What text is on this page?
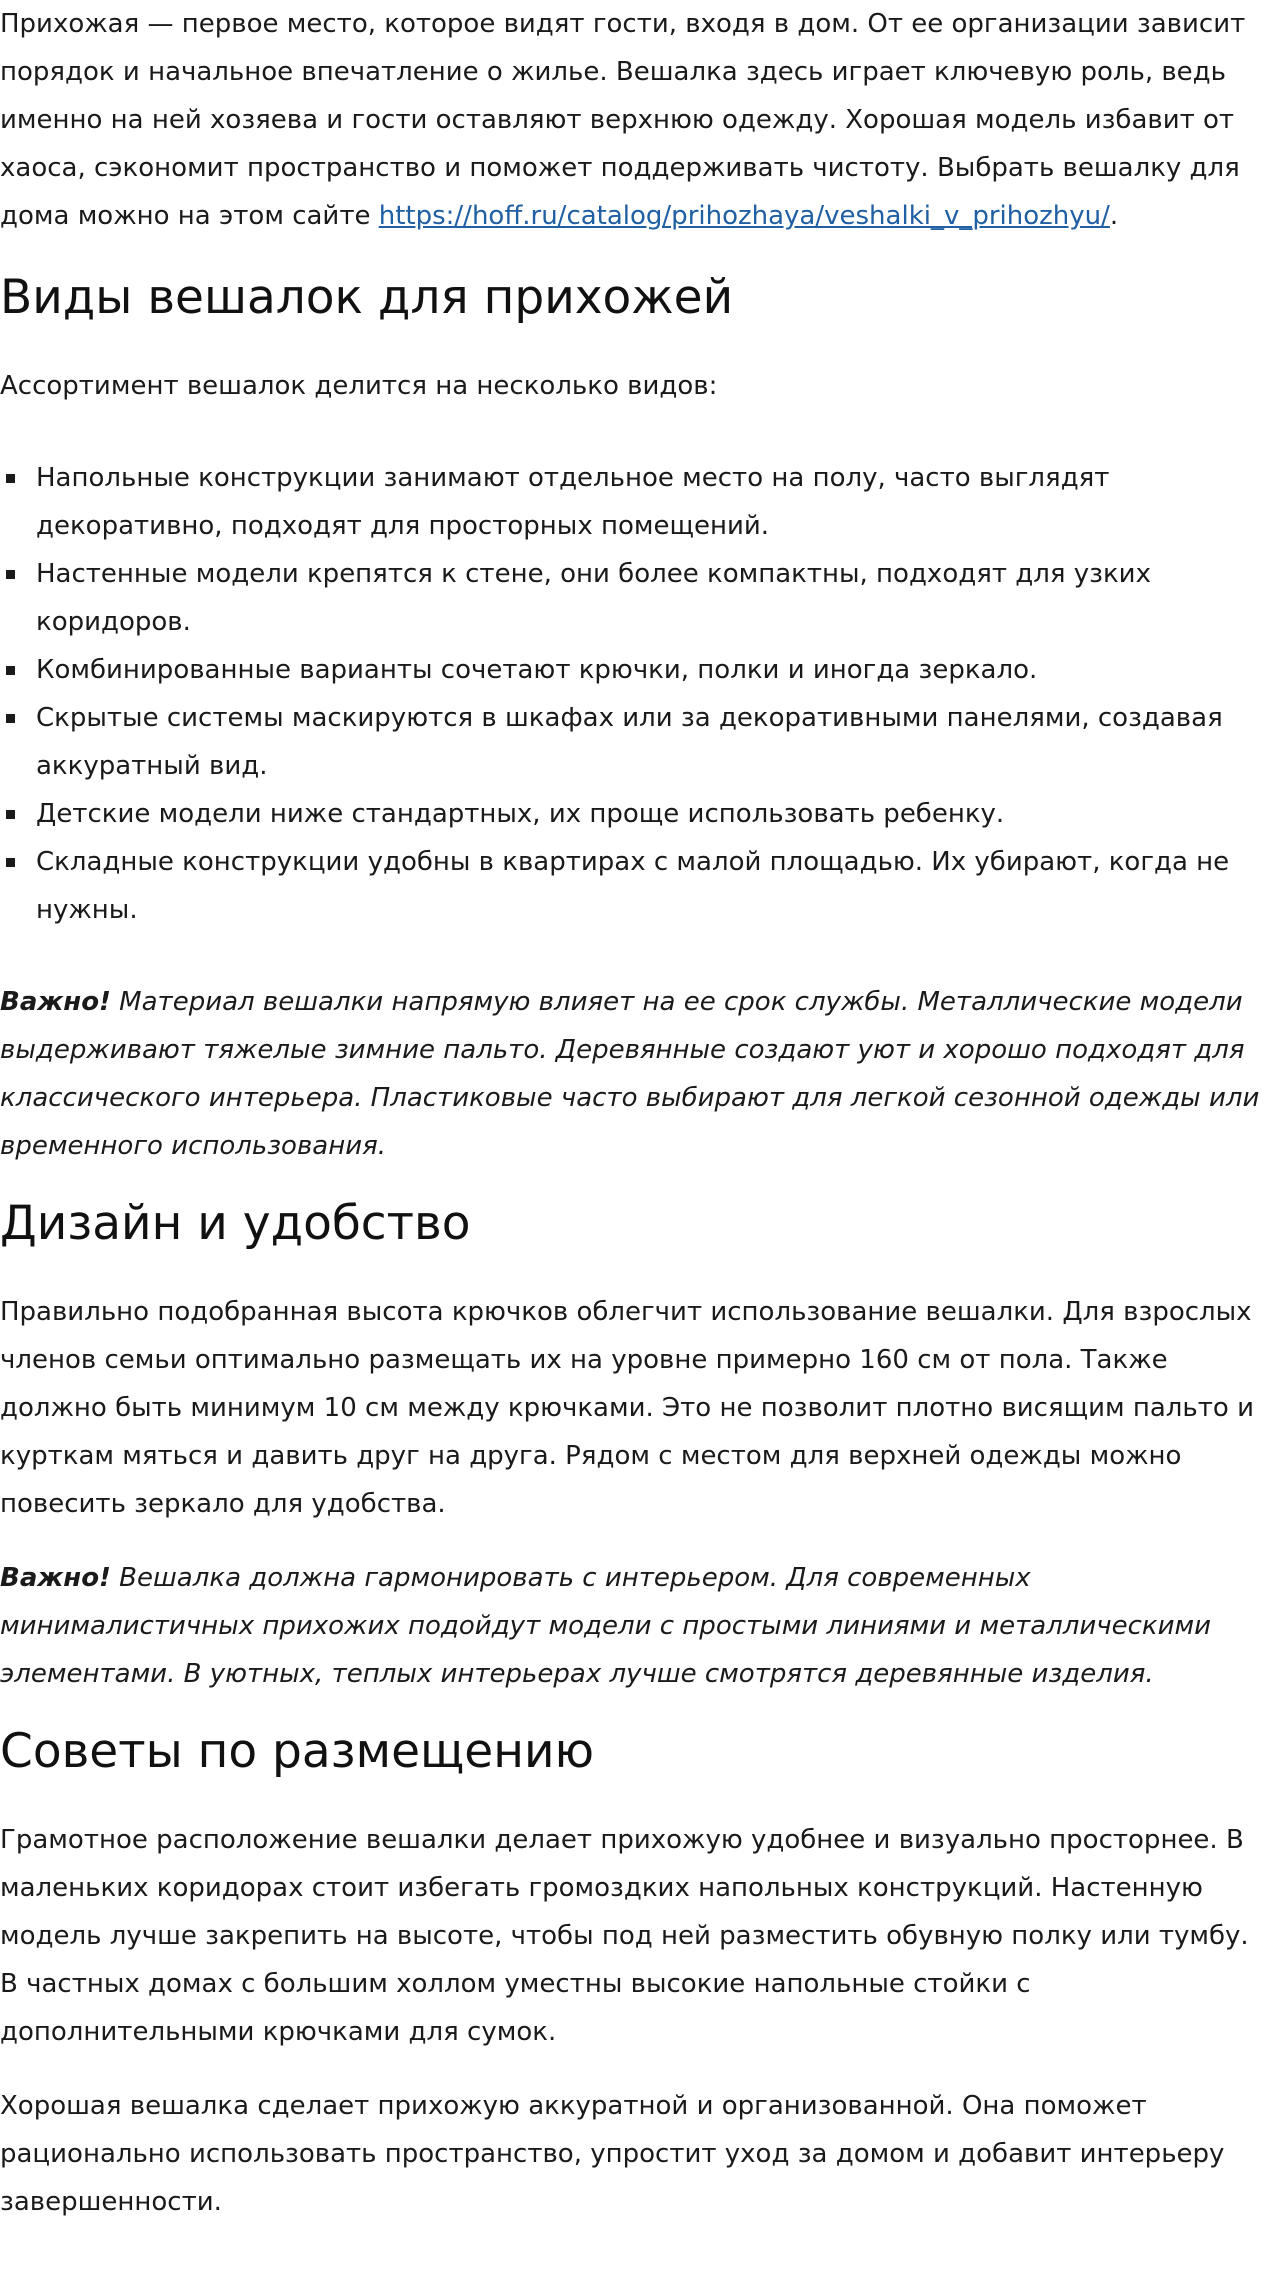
Прихожая — первое место, которое видят гости, входя в дом. От ее организации зависит порядок и начальное впечатление о жилье. Вешалка здесь играет ключевую роль, ведь именно на ней хозяева и гости оставляют верхнюю одежду. Хорошая модель избавит от хаоса, сэкономит пространство и поможет поддерживать чистоту. Выбрать вешалку для дома можно на этом сайте https://hoff.ru/catalog/prihozhaya/veshalki_v_prihozhyu/.

Виды вешалок для прихожей

Ассортимент вешалок делится на несколько видов:

Напольные конструкции занимают отдельное место на полу, часто выглядят декоративно, подходят для просторных помещений.
Настенные модели крепятся к стене, они более компактны, подходят для узких коридоров.
Комбинированные варианты сочетают крючки, полки и иногда зеркало.
Скрытые системы маскируются в шкафах или за декоративными панелями, создавая аккуратный вид.
Детские модели ниже стандартных, их проще использовать ребенку.
Складные конструкции удобны в квартирах с малой площадью. Их убирают, когда не нужны.

Важно! Материал вешалки напрямую влияет на ее срок службы. Металлические модели выдерживают тяжелые зимние пальто. Деревянные создают уют и хорошо подходят для классического интерьера. Пластиковые часто выбирают для легкой сезонной одежды или временного использования.

Дизайн и удобство

Правильно подобранная высота крючков облегчит использование вешалки. Для взрослых членов семьи оптимально размещать их на уровне примерно 160 см от пола. Также должно быть минимум 10 см между крючками. Это не позволит плотно висящим пальто и курткам мяться и давить друг на друга. Рядом с местом для верхней одежды можно повесить зеркало для удобства.

Важно! Вешалка должна гармонировать с интерьером. Для современных минималистичных прихожих подойдут модели с простыми линиями и металлическими элементами. В уютных, теплых интерьерах лучше смотрятся деревянные изделия.

Советы по размещению

Грамотное расположение вешалки делает прихожую удобнее и визуально просторнее. В маленьких коридорах стоит избегать громоздких напольных конструкций. Настенную модель лучше закрепить на высоте, чтобы под ней разместить обувную полку или тумбу. В частных домах с большим холлом уместны высокие напольные стойки с дополнительными крючками для сумок.

Хорошая вешалка сделает прихожую аккуратной и организованной. Она поможет рационально использовать пространство, упростит уход за домом и добавит интерьеру завершенности.
